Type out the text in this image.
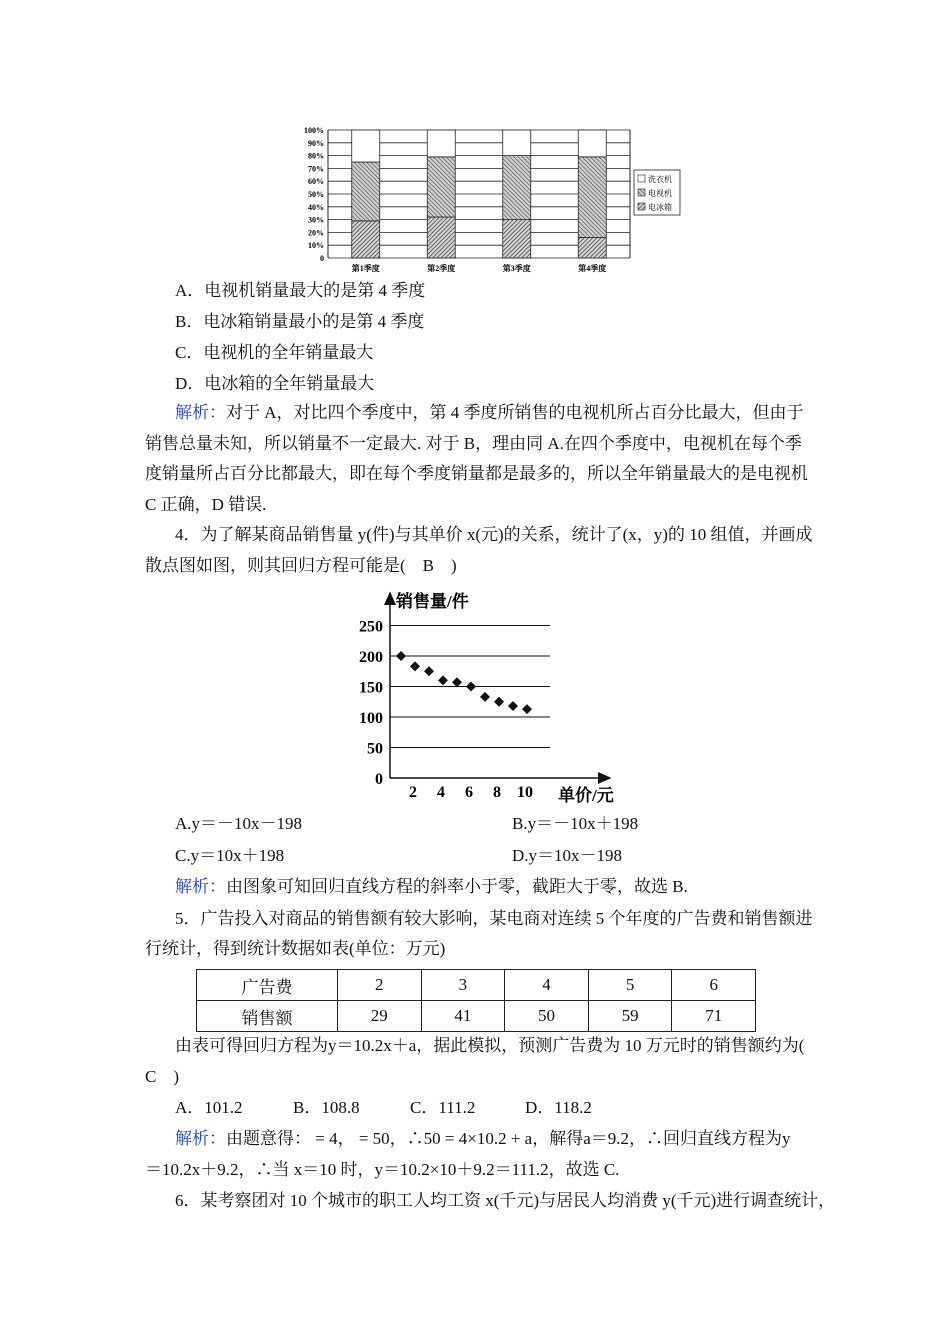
100%
90%
80%
70%
60%
50%
40%
30%
20%
10%
0
第1季度	第2季度	第3季度	第4季度
洗衣机
电视机
电冰箱
A．电视机销量最大的是第 4 季度
B．电冰箱销量最小的是第 4 季度
C．电视机的全年销量最大
D．电冰箱的全年销量最大
解析：对于 A，对比四个季度中，第 4 季度所销售的电视机所占百分比最大，但由于
销售总量未知，所以销量不一定最大. 对于 B，理由同 A.在四个季度中，电视机在每个季
度销量所占百分比都最大，即在每个季度销量都是最多的，所以全年销量最大的是电视机
C 正确，D 错误.
4．为了解某商品销售量 y(件)与其单价 x(元)的关系，统计了(x，y)的 10 组值，并画成
散点图如图，则其回归方程可能是(　B　)
销售量/件
单价/元
250
200
150
100
50
0
2 4 6 8 10
A.y＝－10x－198	B.y＝－10x＋198
C.y＝10x＋198	D.y＝10x－198
解析：由图象可知回归直线方程的斜率小于零，截距大于零，故选 B.
5．广告投入对商品的销售额有较大影响，某电商对连续 5 个年度的广告费和销售额进
行统计，得到统计数据如表(单位：万元)
广告费	2	3	4	5	6
销售额	29	41	50	59	71
由表可得回归方程为y＝10.2x＋a，据此模拟，预测广告费为 10 万元时的销售额约为(
C　)
A．101.2	B．108.8	C．111.2	D．118.2
解析：由题意得： = 4， = 50，∴50 = 4×10.2 + a，解得a＝9.2，∴回归直线方程为y
＝10.2x＋9.2，∴当 x＝10 时，y＝10.2×10＋9.2＝111.2，故选 C.
6．某考察团对 10 个城市的职工人均工资 x(千元)与居民人均消费 y(千元)进行调查统计，
